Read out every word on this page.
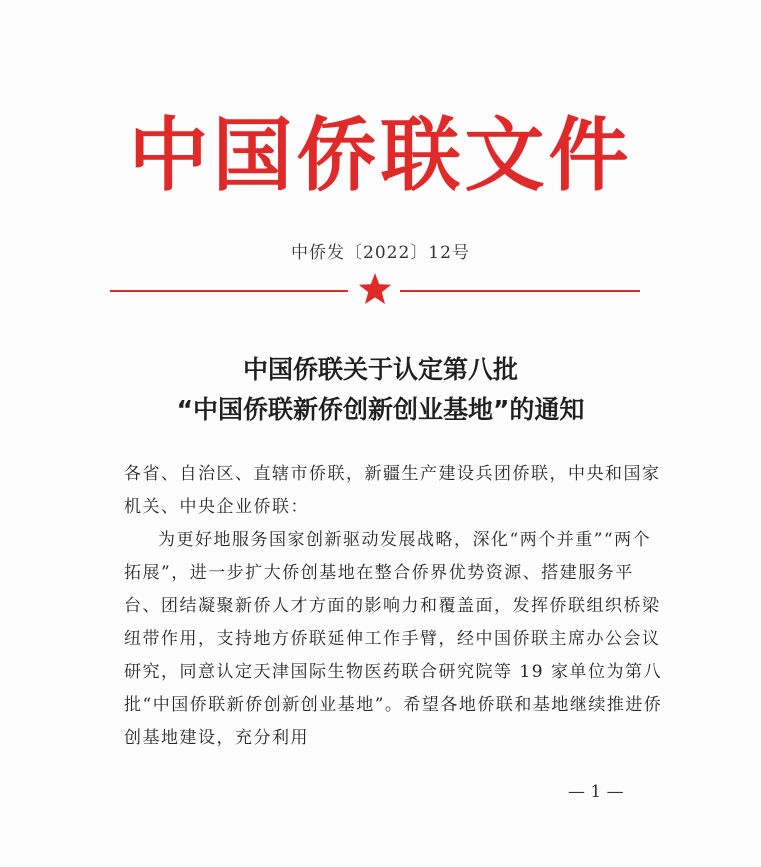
中国侨联文件
中侨发〔2022〕12号
中国侨联关于认定第八批
“中国侨联新侨创新创业基地”的通知

各省、自治区、直辖市侨联，新疆生产建设兵团侨联，中央和国家机关、中央企业侨联：

为更好地服务国家创新驱动发展战略，深化“两个并重”“两个拓展”，进一步扩大侨创基地在整合侨界优势资源、搭建服务平台、团结凝聚新侨人才方面的影响力和覆盖面，发挥侨联组织桥梁纽带作用，支持地方侨联延伸工作手臂，经中国侨联主席办公会议研究，同意认定天津国际生物医药联合研究院等 19 家单位为第八批“中国侨联新侨创新创业基地”。希望各地侨联和基地继续推进侨创基地建设，充分利用

— 1 —
